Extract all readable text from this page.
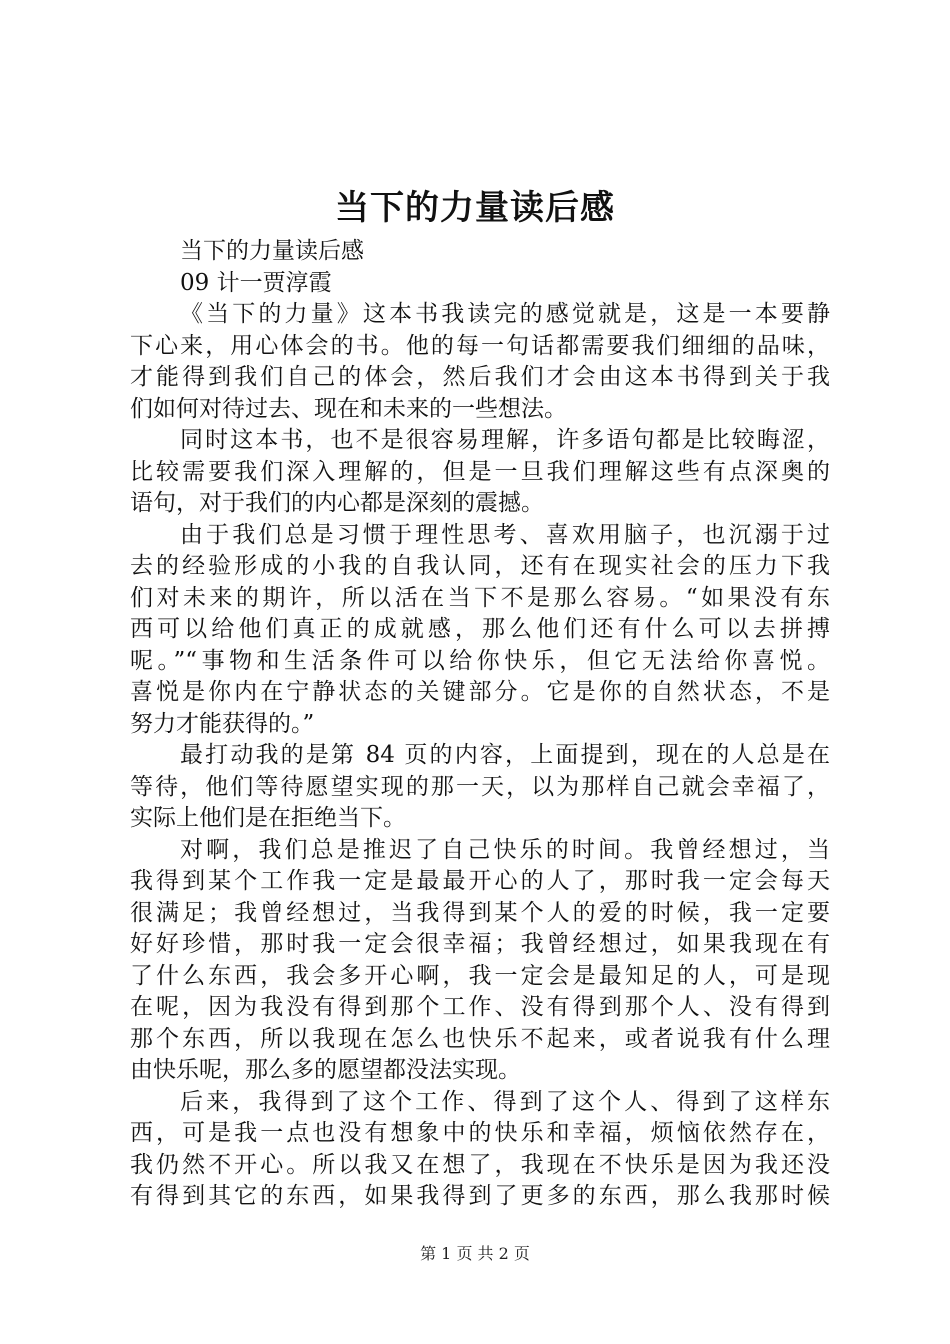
当下的力量读后感
当下的力量读后感
09 计一贾淳霞
《当下的力量》这本书我读完的感觉就是，这是一本要静
下心来，用心体会的书。他的每一句话都需要我们细细的品味，
才能得到我们自己的体会，然后我们才会由这本书得到关于我
们如何对待过去、现在和未来的一些想法。
同时这本书，也不是很容易理解，许多语句都是比较晦涩，
比较需要我们深入理解的，但是一旦我们理解这些有点深奥的
语句，对于我们的内心都是深刻的震撼。
由于我们总是习惯于理性思考、喜欢用脑子，也沉溺于过
去的经验形成的小我的自我认同，还有在现实社会的压力下我
们对未来的期许，所以活在当下不是那么容易。“如果没有东
西可以给他们真正的成就感，那么他们还有什么可以去拼搏
呢。”“事物和生活条件可以给你快乐，但它无法给你喜悦。
喜悦是你内在宁静状态的关键部分。它是你的自然状态，不是
努力才能获得的。”
最打动我的是第 84 页的内容，上面提到，现在的人总是在
等待，他们等待愿望实现的那一天，以为那样自己就会幸福了，
实际上他们是在拒绝当下。
对啊，我们总是推迟了自己快乐的时间。我曾经想过，当
我得到某个工作我一定是最最开心的人了，那时我一定会每天
很满足；我曾经想过，当我得到某个人的爱的时候，我一定要
好好珍惜，那时我一定会很幸福；我曾经想过，如果我现在有
了什么东西，我会多开心啊，我一定会是最知足的人，可是现
在呢，因为我没有得到那个工作、没有得到那个人、没有得到
那个东西，所以我现在怎么也快乐不起来，或者说我有什么理
由快乐呢，那么多的愿望都没法实现。
后来，我得到了这个工作、得到了这个人、得到了这样东
西，可是我一点也没有想象中的快乐和幸福，烦恼依然存在，
我仍然不开心。所以我又在想了，我现在不快乐是因为我还没
有得到其它的东西，如果我得到了更多的东西，那么我那时候
第 1 页 共 2 页
